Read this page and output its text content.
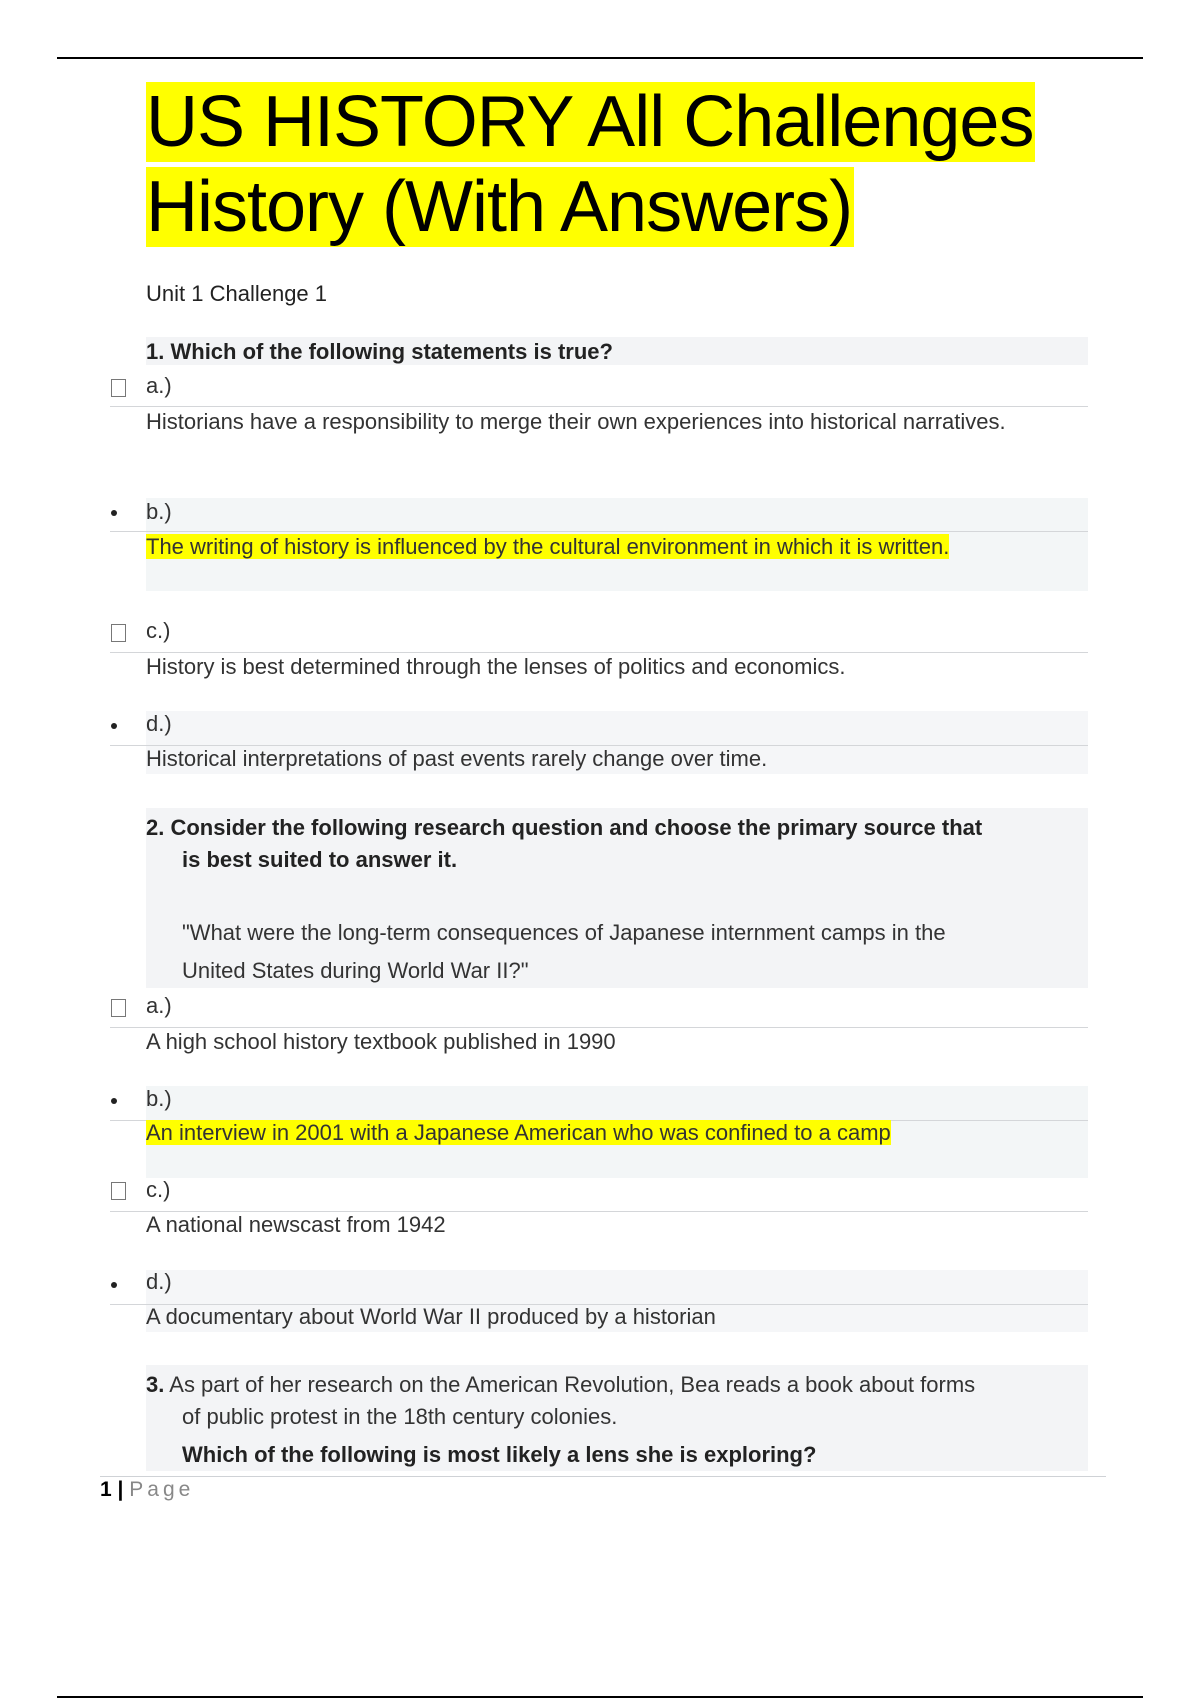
US HISTORY All Challenges
History (With Answers)
Unit 1 Challenge 1
1. Which of the following statements is true?
a.)
Historians have a responsibility to merge their own experiences into historical narratives.
b.)
The writing of history is influenced by the cultural environment in which it is written.
c.)
History is best determined through the lenses of politics and economics.
d.)
Historical interpretations of past events rarely change over time.
2. Consider the following research question and choose the primary source that
is best suited to answer it.
"What were the long-term consequences of Japanese internment camps in the
United States during World War II?"
a.)
A high school history textbook published in 1990
b.)
An interview in 2001 with a Japanese American who was confined to a camp
c.)
A national newscast from 1942
d.)
A documentary about World War II produced by a historian
3. As part of her research on the American Revolution, Bea reads a book about forms
of public protest in the 18th century colonies.
Which of the following is most likely a lens she is exploring?
1 | Page
